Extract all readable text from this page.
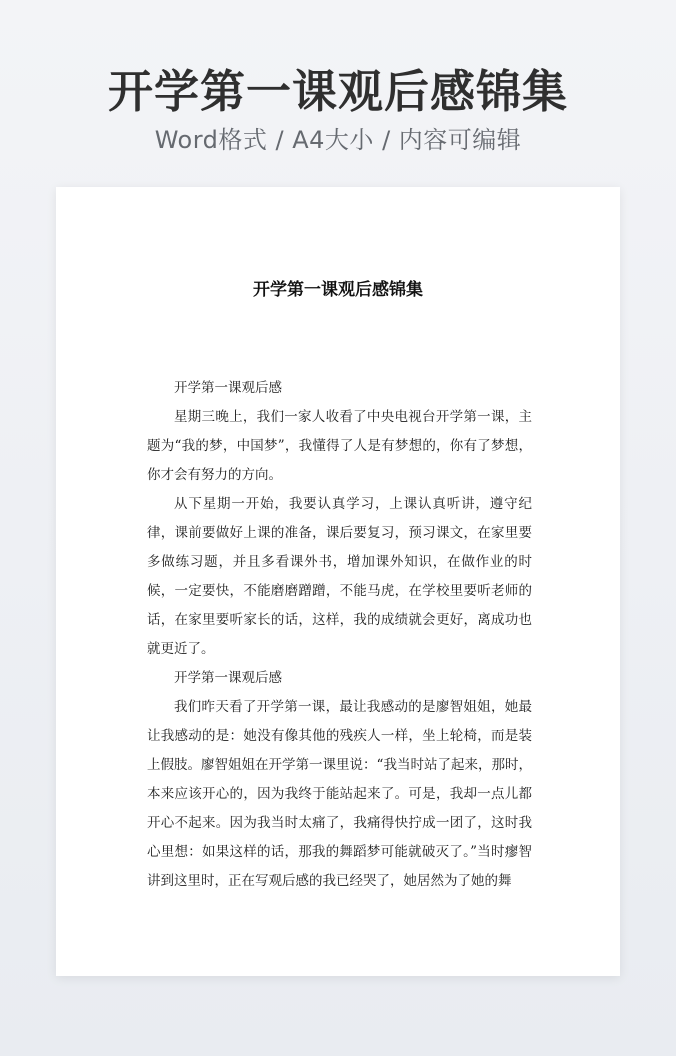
开学第一课观后感锦集

Word格式 / A4大小 / 内容可编辑

开学第一课观后感锦集

开学第一课观后感

星期三晚上，我们一家人收看了中央电视台开学第一课，主题为“我的梦，中国梦”，我懂得了人是有梦想的，你有了梦想，你才会有努力的方向。

从下星期一开始，我要认真学习，上课认真听讲，遵守纪律，课前要做好上课的准备，课后要复习，预习课文，在家里要多做练习题，并且多看课外书，增加课外知识，在做作业的时候，一定要快，不能磨磨蹭蹭，不能马虎，在学校里要听老师的话，在家里要听家长的话，这样，我的成绩就会更好，离成功也就更近了。

开学第一课观后感

我们昨天看了开学第一课，最让我感动的是廖智姐姐，她最让我感动的是：她没有像其他的残疾人一样，坐上轮椅，而是装上假肢。廖智姐姐在开学第一课里说：“我当时站了起来，那时，本来应该开心的，因为我终于能站起来了。可是，我却一点儿都开心不起来。因为我当时太痛了，我痛得快拧成一团了，这时我心里想：如果这样的话，那我的舞蹈梦可能就破灭了。”当时瘳智讲到这里时，正在写观后感的我已经哭了，她居然为了她的舞
